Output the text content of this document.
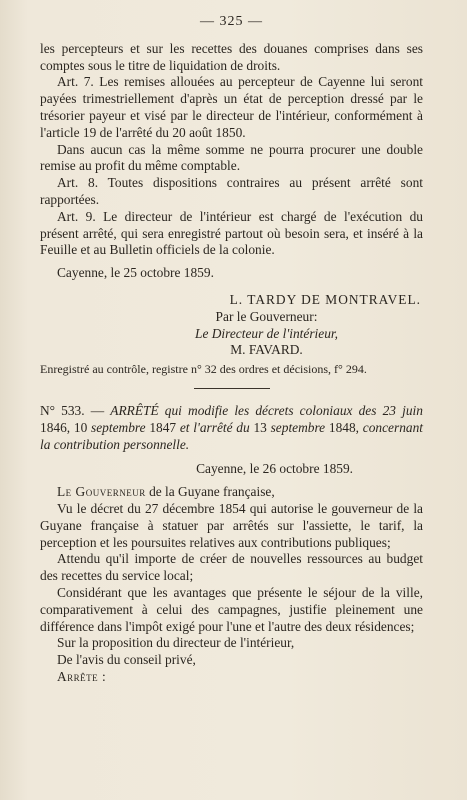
— 325 —

les percepteurs et sur les recettes des douanes comprises dans ses comptes sous le titre de liquidation de droits.

Art. 7. Les remises allouées au percepteur de Cayenne lui seront payées trimestriellement d'après un état de perception dressé par le trésorier payeur et visé par le directeur de l'intérieur, conformément à l'article 19 de l'arrêté du 20 août 1850.

Dans aucun cas la même somme ne pourra procurer une double remise au profit du même comptable.

Art. 8. Toutes dispositions contraires au présent arrêté sont rapportées.

Art. 9. Le directeur de l'intérieur est chargé de l'exécution du présent arrêté, qui sera enregistré partout où besoin sera, et inséré à la Feuille et au Bulletin officiels de la colonie.

Cayenne, le 25 octobre 1859.

L. TARDY DE MONTRAVEL.
Par le Gouverneur:
Le Directeur de l'intérieur,
M. FAVARD.

Enregistré au contrôle, registre n° 32 des ordres et décisions, f° 294.

N° 533. — ARRÊTÉ qui modifie les décrets coloniaux des 23 juin 1846, 10 septembre 1847 et l'arrêté du 13 septembre 1848, concernant la contribution personnelle.

Cayenne, le 26 octobre 1859.

Le Gouverneur de la Guyane française,

Vu le décret du 27 décembre 1854 qui autorise le gouverneur de la Guyane française à statuer par arrêtés sur l'assiette, le tarif, la perception et les poursuites relatives aux contributions publiques;

Attendu qu'il importe de créer de nouvelles ressources au budget des recettes du service local;

Considérant que les avantages que présente le séjour de la ville, comparativement à celui des campagnes, justifie pleinement une différence dans l'impôt exigé pour l'une et l'autre des deux résidences;

Sur la proposition du directeur de l'intérieur,

De l'avis du conseil privé,

Arrête :
